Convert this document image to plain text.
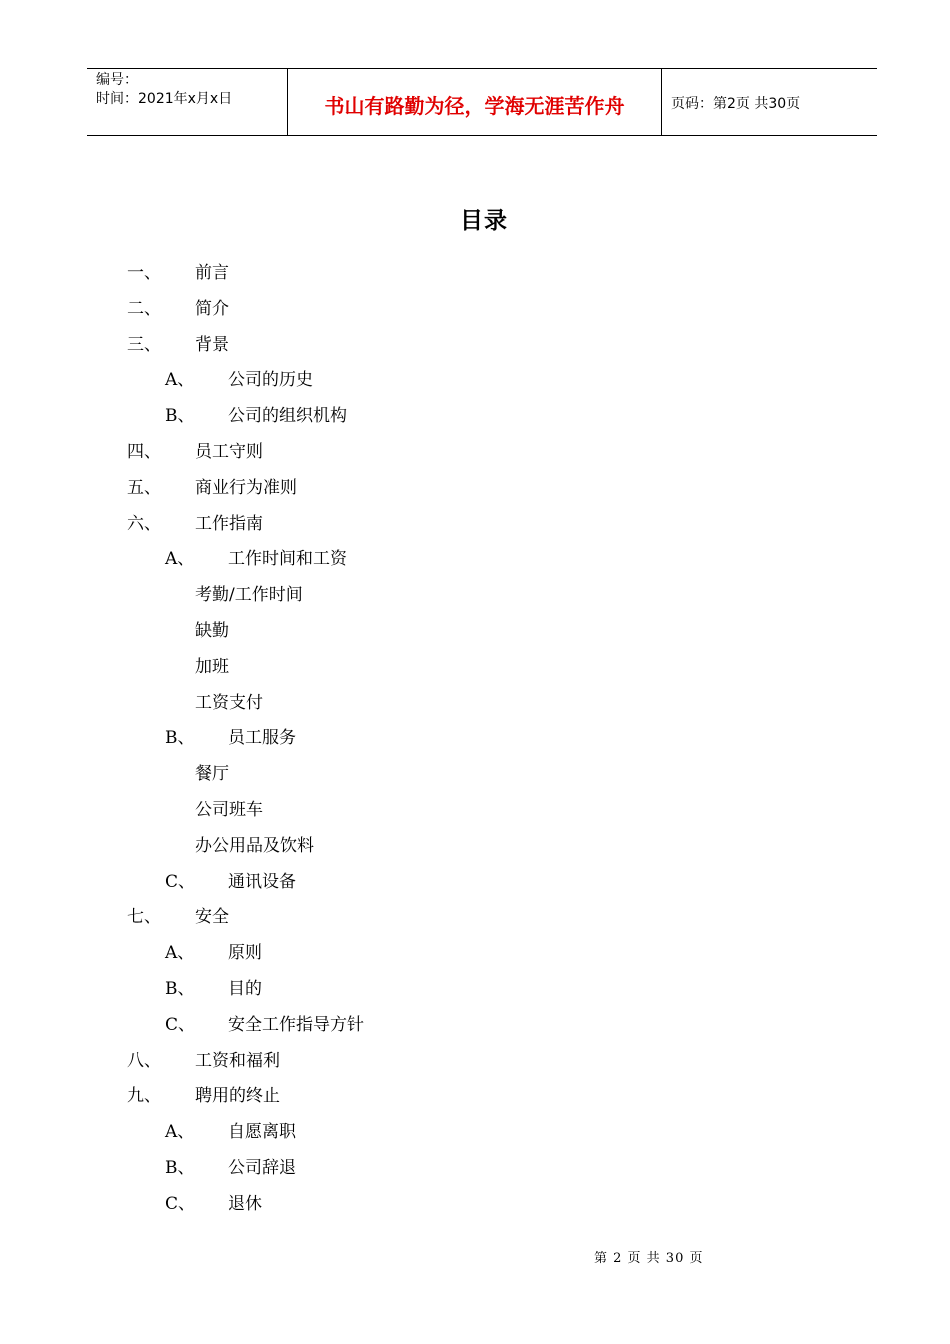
编号：
时间：2021年x月x日	书山有路勤为径，学海无涯苦作舟	页码：第2页 共30页
目录
一、 前言
二、 简介
三、 背景
A、 公司的历史
B、 公司的组织机构
四、 员工守则
五、 商业行为准则
六、 工作指南
A、 工作时间和工资
考勤/工作时间
缺勤
加班
工资支付
B、 员工服务
餐厅
公司班车
办公用品及饮料
C、 通讯设备
七、 安全
A、 原则
B、 目的
C、 安全工作指导方针
八、 工资和福利
九、 聘用的终止
A、 自愿离职
B、 公司辞退
C、 退休
第 2 页 共 30 页
